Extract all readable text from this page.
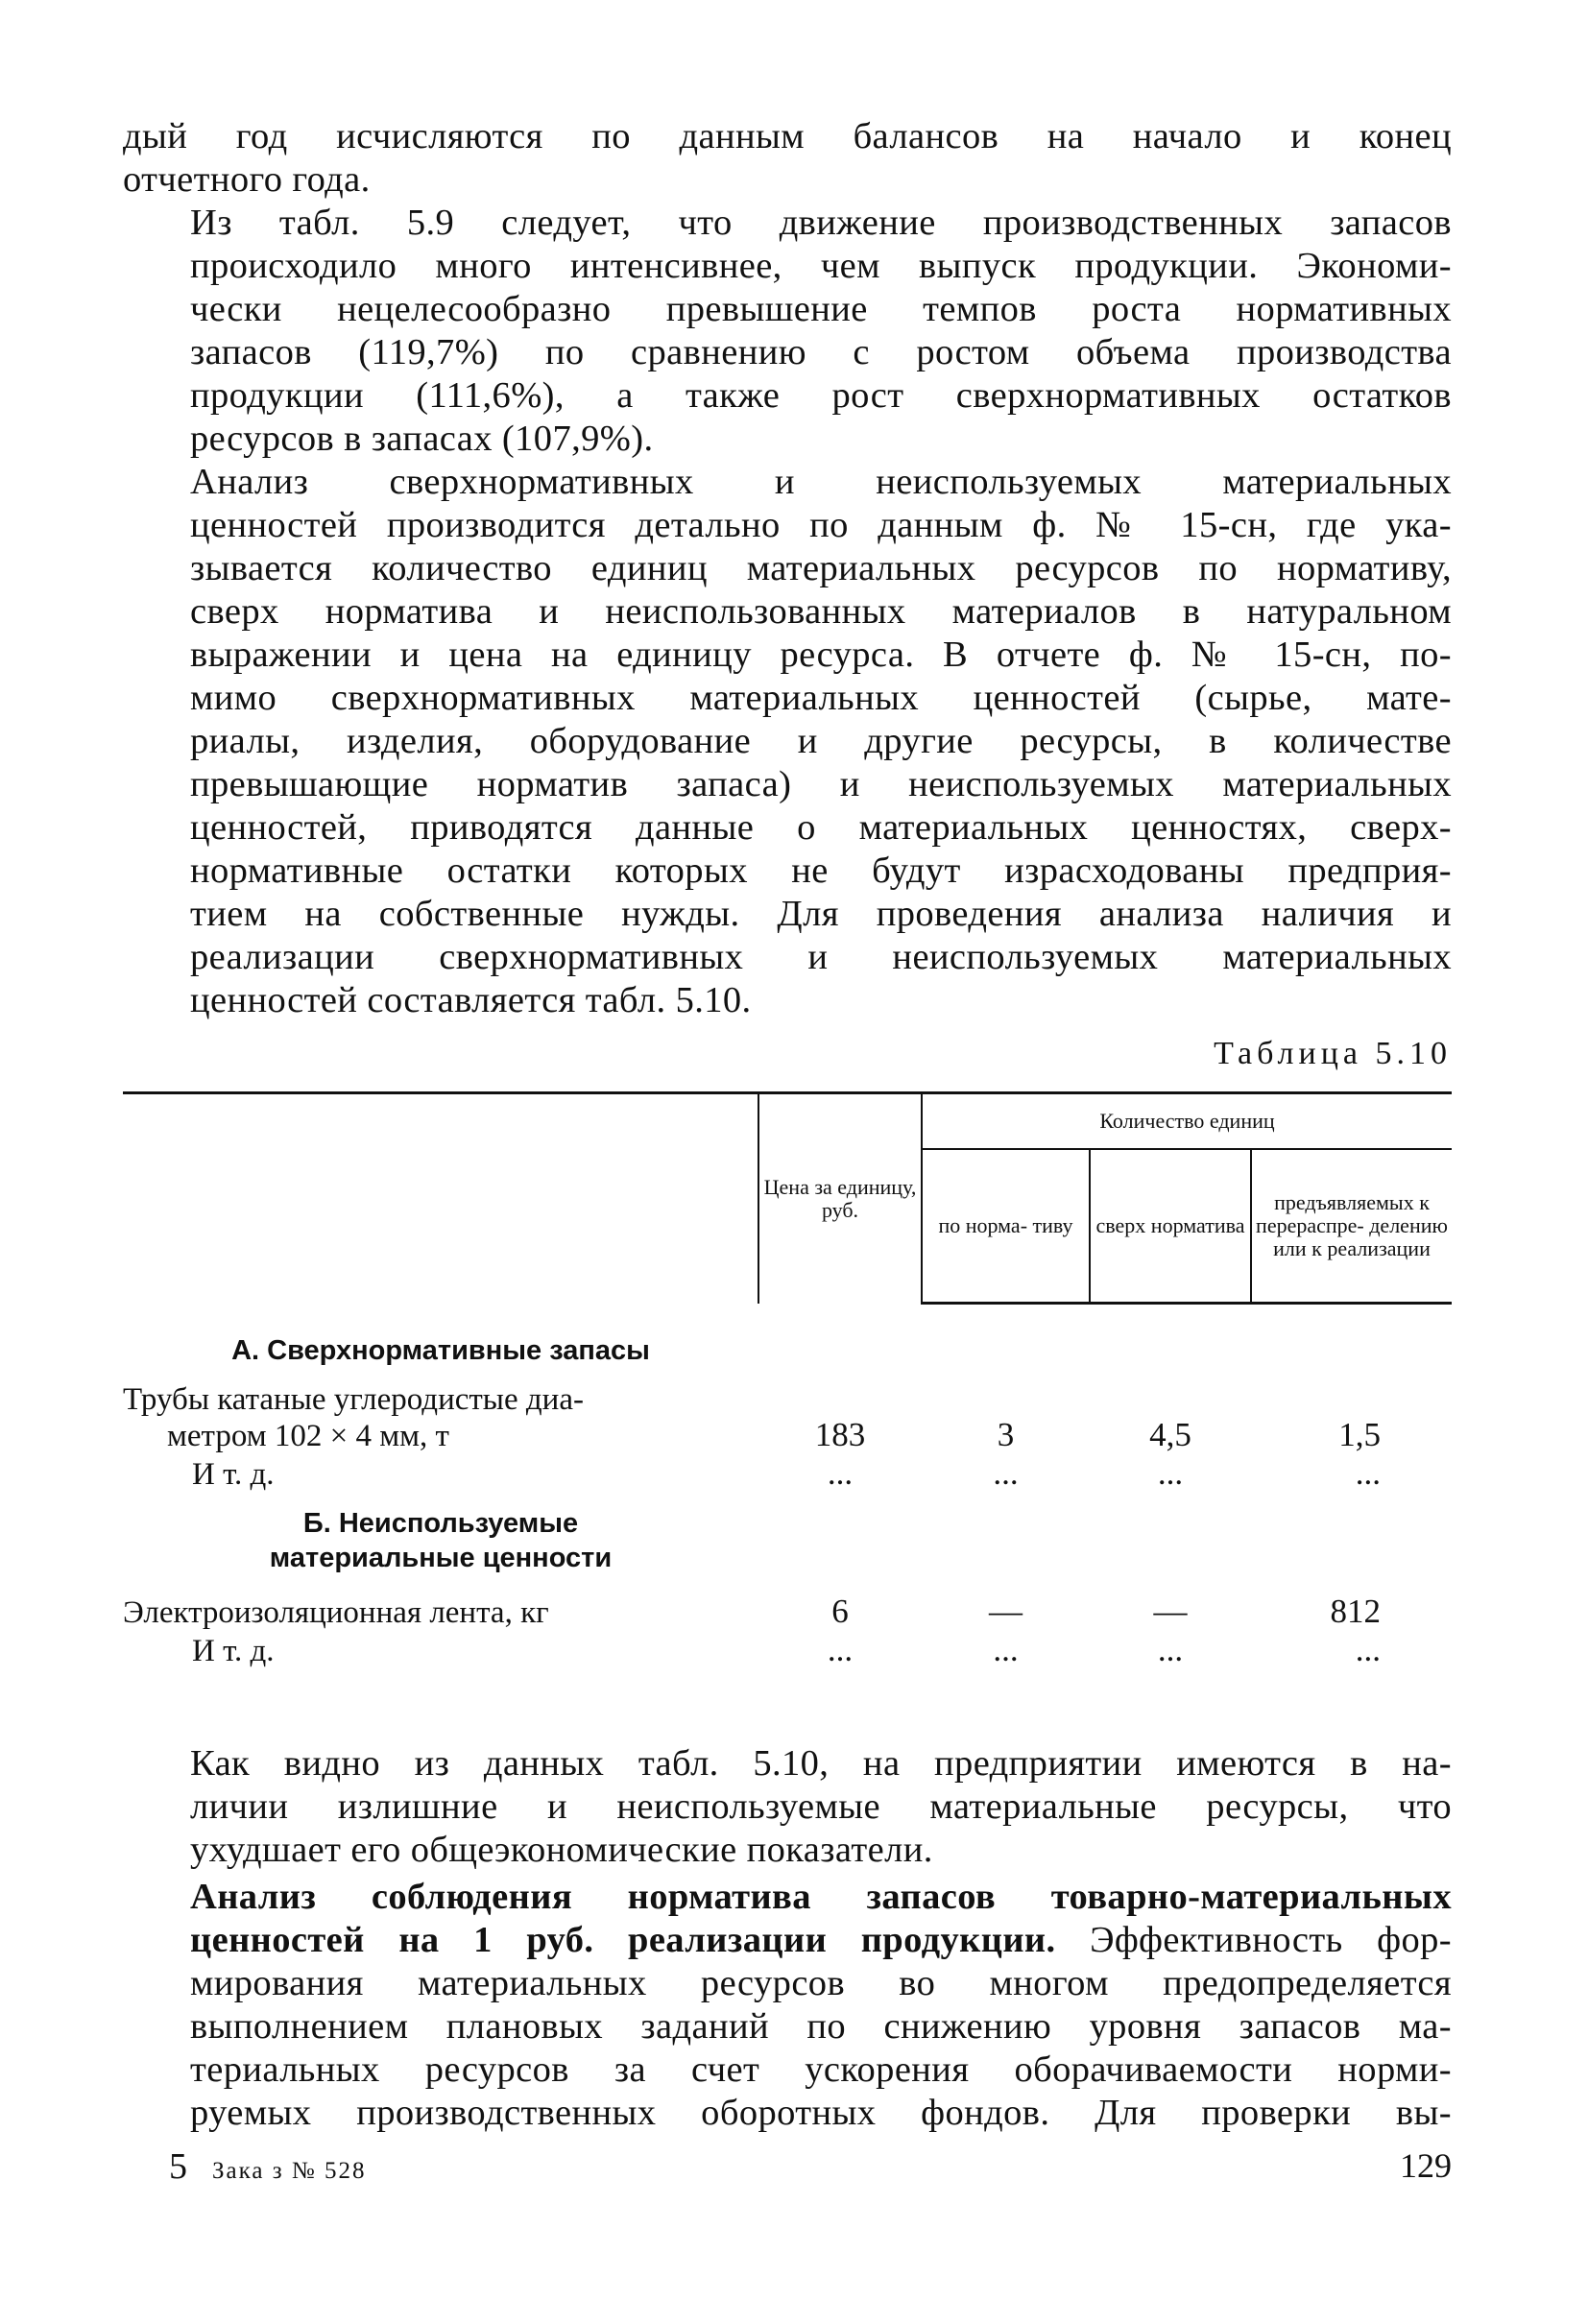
дый год исчисляются по данным балансов на начало и конец
отчетного года.

Из табл. 5.9 следует, что движение производственных запасов
происходило много интенсивнее, чем выпуск продукции. Экономи-
чески нецелесообразно превышение темпов роста нормативных
запасов (119,7%) по сравнению с ростом объема производства
продукции (111,6%), а также рост сверхнормативных остатков
ресурсов в запасах (107,9%).

Анализ сверхнормативных и неиспользуемых материальных
ценностей производится детально по данным ф. № 15-сн, где ука-
зывается количество единиц материальных ресурсов по нормативу,
сверх норматива и неиспользованных материалов в натуральном
выражении и цена на единицу ресурса. В отчете ф. № 15-сн, по-
мимо сверхнормативных материальных ценностей (сырье, мате-
риалы, изделия, оборудование и другие ресурсы, в количестве
превышающие норматив запаса) и неиспользуемых материальных
ценностей, приводятся данные о материальных ценностях, сверх-
нормативные остатки которых не будут израсходованы предприя-
тием на собственные нужды. Для проведения анализа наличия и
реализации сверхнормативных и неиспользуемых материальных
ценностей составляется табл. 5.10.

Таблица 5.10
	Цена за единицу, руб.	Количество единиц		
		по норма- тиву	сверх норматива	предъявляемых к перераспре- делению или к реализации

А. Сверхнормативные запасы				

Трубы катаные углеродистые диа-
метром 102 × 4 мм, т	183	3	4,5	1,5
И т. д.	...	...	...	...

Б. Неиспользуемые
материальные ценности				

Электроизоляционная лента, кг	6	—	—	812
И т. д.	...	...	...	...

Как видно из данных табл. 5.10, на предприятии имеются в на-
личии излишние и неиспользуемые материальные ресурсы, что
ухудшает его общеэкономические показатели.

Анализ соблюдения норматива запасов товарно-материальных
ценностей на 1 руб. реализации продукции. Эффективность фор-
мирования материальных ресурсов во многом предопределяется
выполнением плановых заданий по снижению уровня запасов ма-
териальных ресурсов за счет ускорения оборачиваемости норми-
руемых производственных оборотных фондов. Для проверки вы-

5 Зака з № 528	129
